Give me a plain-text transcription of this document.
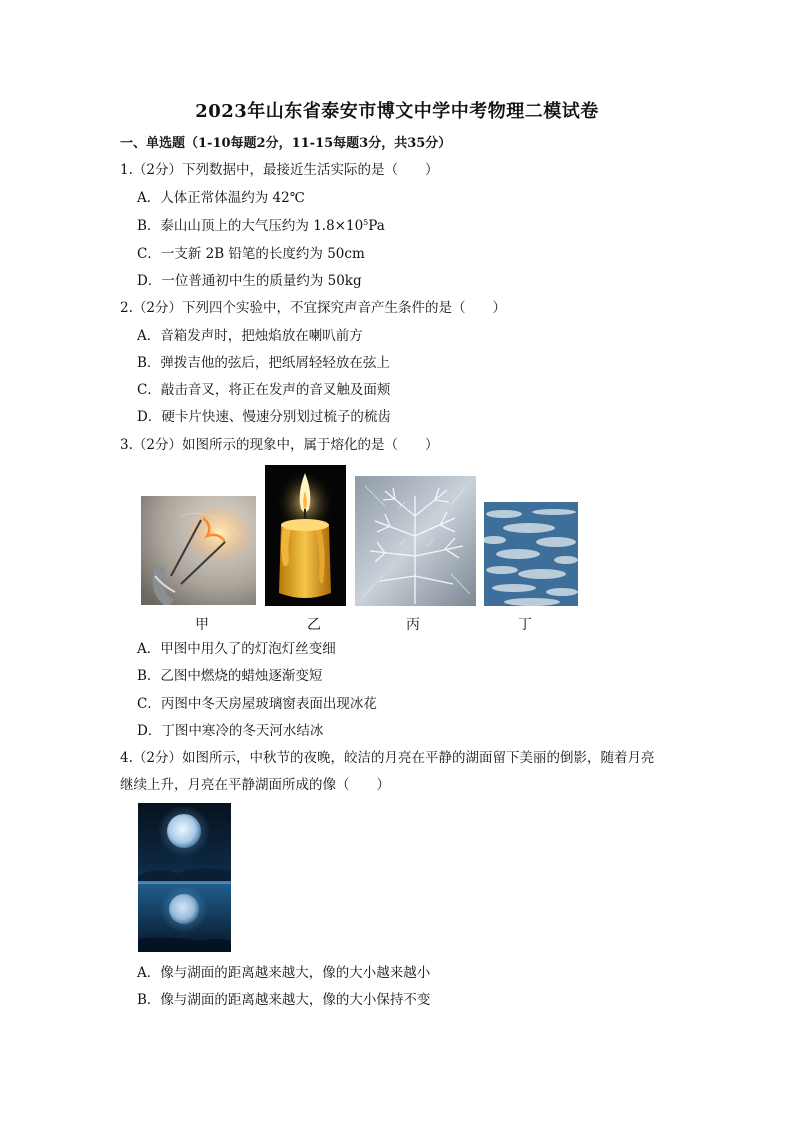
2023年山东省泰安市博文中学中考物理二模试卷
一、单选题（1-10每题2分，11-15每题3分，共35分）
1.（2分）下列数据中，最接近生活实际的是（　　）
A．人体正常体温约为 42℃
B．泰山山顶上的大气压约为 $1.8\times 10^5Pa$
C．一支新 2B 铅笔的长度约为 50cm
D．一位普通初中生的质量约为 50kg
2.（2分）下列四个实验中，不宜探究声音产生条件的是（　　）
A．音箱发声时，把烛焰放在喇叭前方
B．弹拨吉他的弦后，把纸屑轻轻放在弦上
C．敲击音叉，将正在发声的音叉触及面颊
D．硬卡片快速、慢速分别划过梳子的梳齿
3.（2分）如图所示的现象中，属于熔化的是（　　）
甲	乙	丙	丁
A．甲图中用久了的灯泡灯丝变细
B．乙图中燃烧的蜡烛逐渐变短
C．丙图中冬天房屋玻璃窗表面出现冰花
D．丁图中寒冷的冬天河水结冰
4.（2分）如图所示，中秋节的夜晚，皎洁的月亮在平静的湖面留下美丽的倒影，随着月亮
继续上升，月亮在平静湖面所成的像（　　）
A．像与湖面的距离越来越大，像的大小越来越小
B．像与湖面的距离越来越大，像的大小保持不变
